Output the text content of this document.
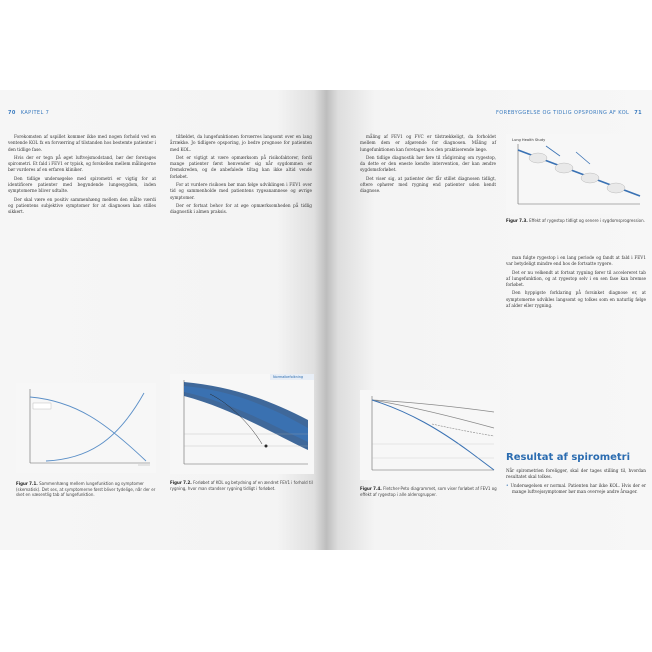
70 KAPITEL 7

Forekomsten af uspillet kommer ikke med nogen forhold ved en ventende KOL fx en forværring af tilstanden hos bestemte patienter i den tidlige fase.

Hvis der er tegn på øget luftvejsmodstand, bør der foretages spirometri. Et fald i FEV1 er typisk, og forskellen mellem målingerne bør vurderes af en erfaren kliniker.

Den tidlige undersøgelse med spirometri er vigtig for at identificere patienter med begyndende lungesygdom, inden symptomerne bliver udtalte.

Der skal være en positiv sammenhæng mellem den målte værdi og patientens subjektive symptomer for at diagnosen kan stilles sikkert.

tilfældet, da lungefunktionen forværres langsomt over en lang årrække. Jo tidligere opsporing, jo bedre prognose for patienten med KOL.

Det er vigtigt at være opmærksom på risikofaktorer, fordi mange patienter først henvender sig når sygdommen er fremskreden, og de anbefalede tiltag kan ikke altid vende forløbet.

For at vurdere risikoen bør man følge udviklingen i FEV1 over tid og sammenholde med patientens rygeanamnese og øvrige symptomer.

Der er fortsat behov for at øge opmærksomheden på tidlig diagnostik i almen praksis.

Figur 7.1. Sammenhæng mellem lungefunktion og symptomer (skematisk). Det ses, at symptomerne først bliver tydelige, når der er sket en væsentlig tab af lungefunktion.
Normalbefolkning
Figur 7.2. Forløbet af KOL og betydning af en ændret FEV1 i forhold til rygning, hvor man standser rygning tidligt i forløbet.
FOREBYGGELSE OG TIDLIG OPSPORING AF KOL 71

måling af FEV1 og FVC er tilstrækkeligt, da forholdet mellem dem er afgørende for diagnosen. Måling af lungefunktionen kan foretages hos den praktiserende læge.

Den tidlige diagnostik bør føre til rådgivning om rygestop, da dette er den eneste kendte intervention, der kan ændre sygdomsforløbet.

Det viser sig, at patienter der får stillet diagnosen tidligt, oftere ophører med rygning end patienter uden kendt diagnose.

Lung Health Study
Figur 7.3. Effekt af rygestop tidligt og senere i sygdomsprogression.

man fulgte rygestop i en lang periode og fandt at fald i FEV1 var betydeligt mindre end hos de fortsatte rygere.

Det er nu velkendt at fortsat rygning fører til accelereret tab af lungefunktion, og at rygestop selv i en sen fase kan bremse forløbet.

Den hyppigste forklaring på forsinket diagnose er, at symptomerne udvikles langsomt og tolkes som en naturlig følge af alder eller rygning.

Figur 7.4. Fletcher-Peto diagrammet, som viser forløbet af FEV1 og effekt af rygestop i alle aldersgrupper.
Resultat af spirometri

Når spirometrien foreligger, skal der tages stilling til, hvordan resultatet skal tolkes.

• Undersøgelsen er normal. Patienten har ikke KOL. Hvis der er mange luftvejssymptomer bør man overveje andre årsager.
